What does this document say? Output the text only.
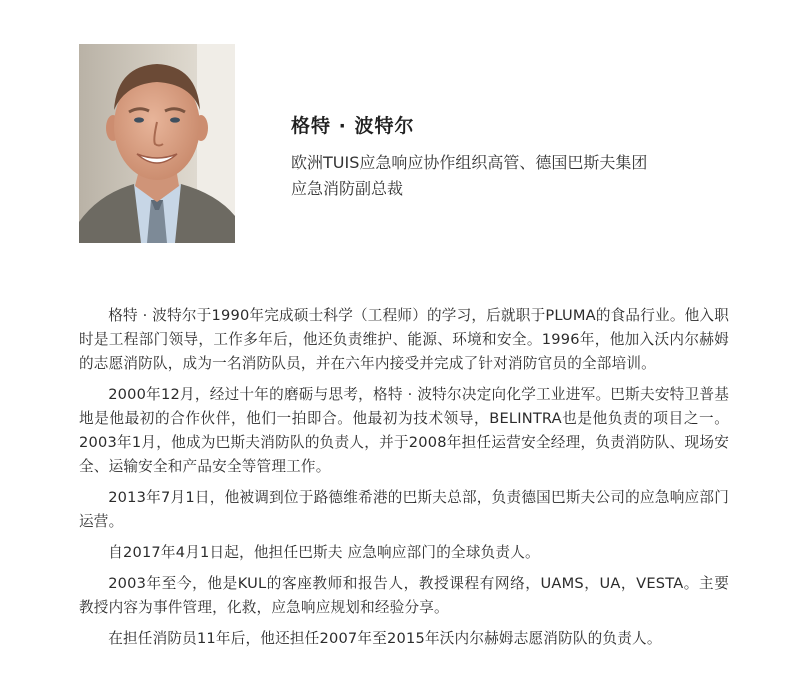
格特 · 波特尔
欧洲TUIS应急响应协作组织高管、德国巴斯夫集团
应急消防副总裁

格特 · 波特尔于1990年完成硕士科学（工程师）的学习，后就职于PLUMA的食品行业。他入职时是工程部门领导，工作多年后，他还负责维护、能源、环境和安全。1996年，他加入沃内尔赫姆的志愿消防队，成为一名消防队员，并在六年内接受并完成了针对消防官员的全部培训。

2000年12月，经过十年的磨砺与思考，格特 · 波特尔决定向化学工业进军。巴斯夫安特卫普基地是他最初的合作伙伴，他们一拍即合。他最初为技术领导，BELINTRA也是他负责的项目之一。2003年1月，他成为巴斯夫消防队的负责人，并于2008年担任运营安全经理，负责消防队、现场安全、运输安全和产品安全等管理工作。

2013年7月1日，他被调到位于路德维希港的巴斯夫总部，负责德国巴斯夫公司的应急响应部门运营。

自2017年4月1日起，他担任巴斯夫 应急响应部门的全球负责人。

2003年至今，他是KUL的客座教师和报告人，教授课程有网络，UAMS，UA，VESTA。主要教授内容为事件管理，化救，应急响应规划和经验分享。

在担任消防员11年后，他还担任2007年至2015年沃内尔赫姆志愿消防队的负责人。
